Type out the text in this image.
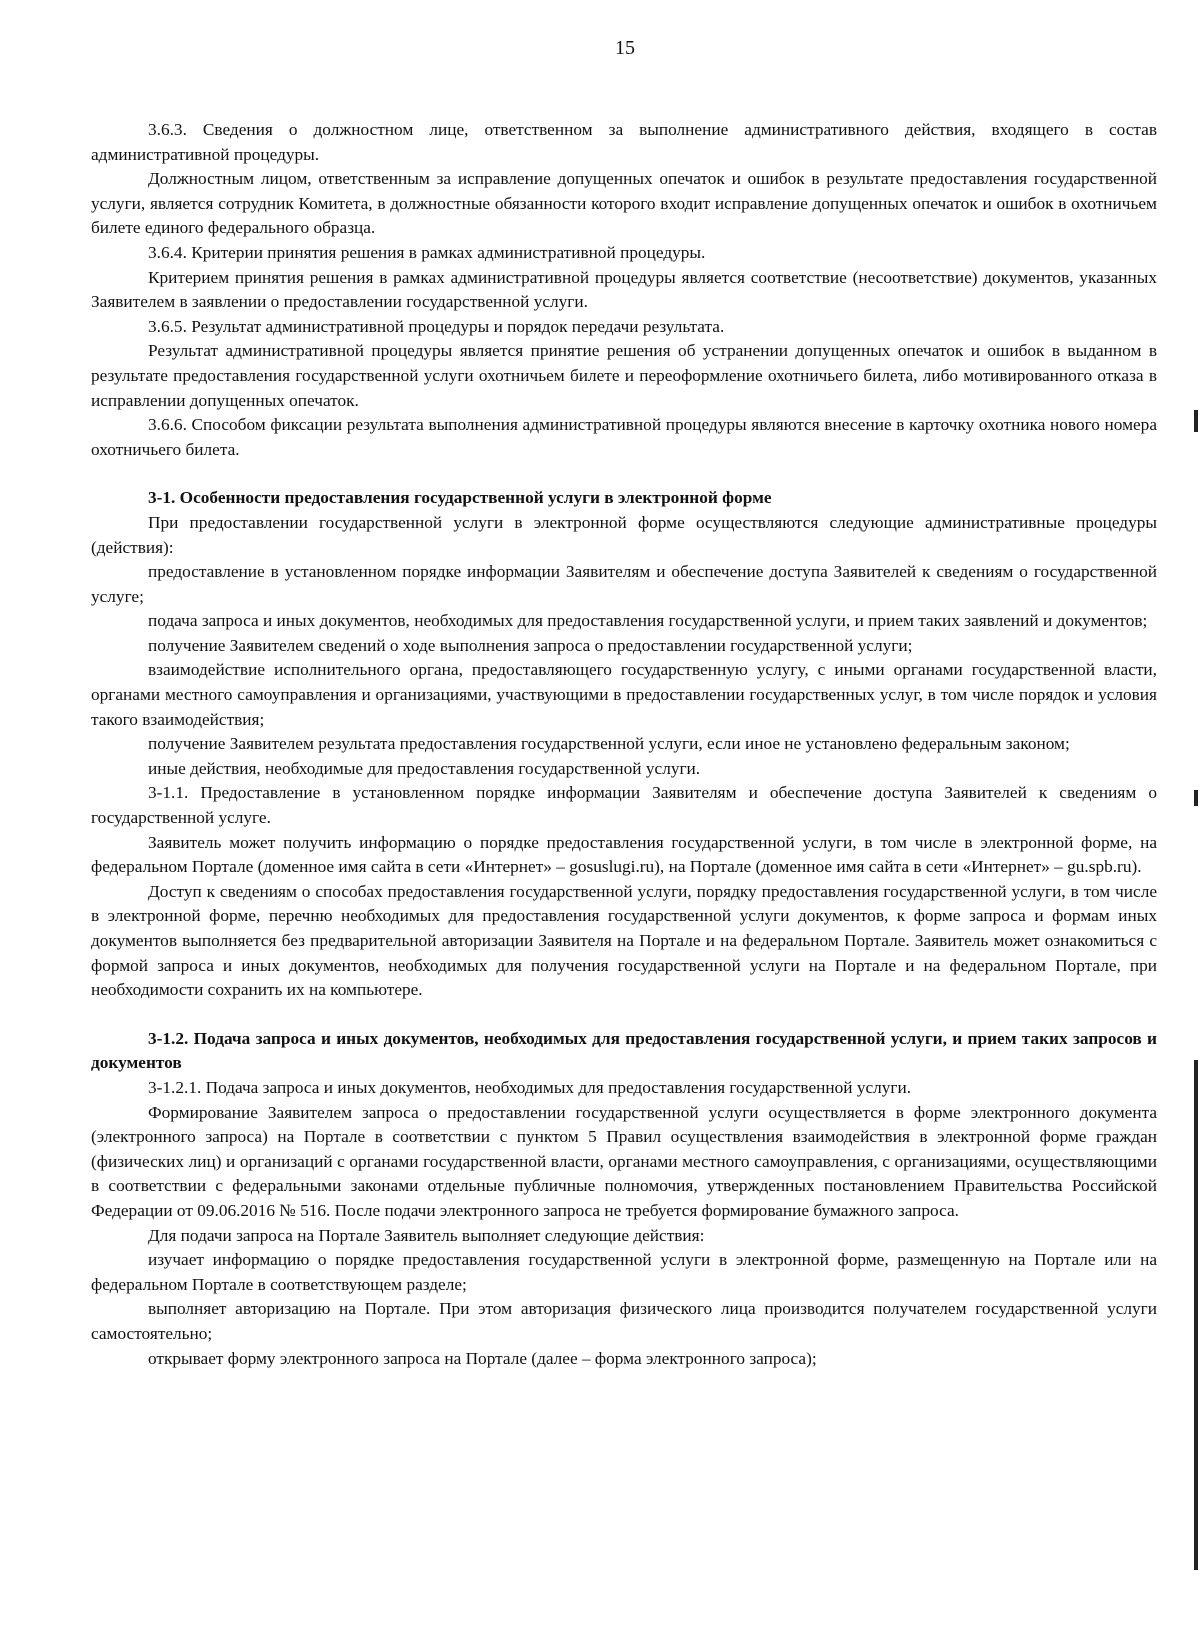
15

3.6.3. Сведения о должностном лице, ответственном за выполнение административного действия, входящего в состав административной процедуры.

Должностным лицом, ответственным за исправление допущенных опечаток и ошибок в результате предоставления государственной услуги, является сотрудник Комитета, в должностные обязанности которого входит исправление допущенных опечаток и ошибок в охотничьем билете единого федерального образца.

3.6.4. Критерии принятия решения в рамках административной процедуры.

Критерием принятия решения в рамках административной процедуры является соответствие (несоответствие) документов, указанных Заявителем в заявлении о предоставлении государственной услуги.

3.6.5. Результат административной процедуры и порядок передачи результата.

Результат административной процедуры является принятие решения об устранении допущенных опечаток и ошибок в выданном в результате предоставления государственной услуги охотничьем билете и переоформление охотничьего билета, либо мотивированного отказа в исправлении допущенных опечаток.

3.6.6. Способом фиксации результата выполнения административной процедуры являются внесение в карточку охотника нового номера охотничьего билета.

3-1. Особенности предоставления государственной услуги в электронной форме

При предоставлении государственной услуги в электронной форме осуществляются следующие административные процедуры (действия):

предоставление в установленном порядке информации Заявителям и обеспечение доступа Заявителей к сведениям о государственной услуге;

подача запроса и иных документов, необходимых для предоставления государственной услуги, и прием таких заявлений и документов;

получение Заявителем сведений о ходе выполнения запроса о предоставлении государственной услуги;

взаимодействие исполнительного органа, предоставляющего государственную услугу, с иными органами государственной власти, органами местного самоуправления и организациями, участвующими в предоставлении государственных услуг, в том числе порядок и условия такого взаимодействия;

получение Заявителем результата предоставления государственной услуги, если иное не установлено федеральным законом;

иные действия, необходимые для предоставления государственной услуги.

3-1.1. Предоставление в установленном порядке информации Заявителям и обеспечение доступа Заявителей к сведениям о государственной услуге.

Заявитель может получить информацию о порядке предоставления государственной услуги, в том числе в электронной форме, на федеральном Портале (доменное имя сайта в сети «Интернет» – gosuslugi.ru), на Портале (доменное имя сайта в сети «Интернет» – gu.spb.ru).

Доступ к сведениям о способах предоставления государственной услуги, порядку предоставления государственной услуги, в том числе в электронной форме, перечню необходимых для предоставления государственной услуги документов, к форме запроса и формам иных документов выполняется без предварительной авторизации Заявителя на Портале и на федеральном Портале. Заявитель может ознакомиться с формой запроса и иных документов, необходимых для получения государственной услуги на Портале и на федеральном Портале, при необходимости сохранить их на компьютере.

3-1.2. Подача запроса и иных документов, необходимых для предоставления государственной услуги, и прием таких запросов и документов

3-1.2.1. Подача запроса и иных документов, необходимых для предоставления государственной услуги.

Формирование Заявителем запроса о предоставлении государственной услуги осуществляется в форме электронного документа (электронного запроса) на Портале в соответствии с пунктом 5 Правил осуществления взаимодействия в электронной форме граждан (физических лиц) и организаций с органами государственной власти, органами местного самоуправления, с организациями, осуществляющими в соответствии с федеральными законами отдельные публичные полномочия, утвержденных постановлением Правительства Российской Федерации от 09.06.2016 № 516. После подачи электронного запроса не требуется формирование бумажного запроса.

Для подачи запроса на Портале Заявитель выполняет следующие действия:

изучает информацию о порядке предоставления государственной услуги в электронной форме, размещенную на Портале или на федеральном Портале в соответствующем разделе;

выполняет авторизацию на Портале. При этом авторизация физического лица производится получателем государственной услуги самостоятельно;

открывает форму электронного запроса на Портале (далее – форма электронного запроса);
